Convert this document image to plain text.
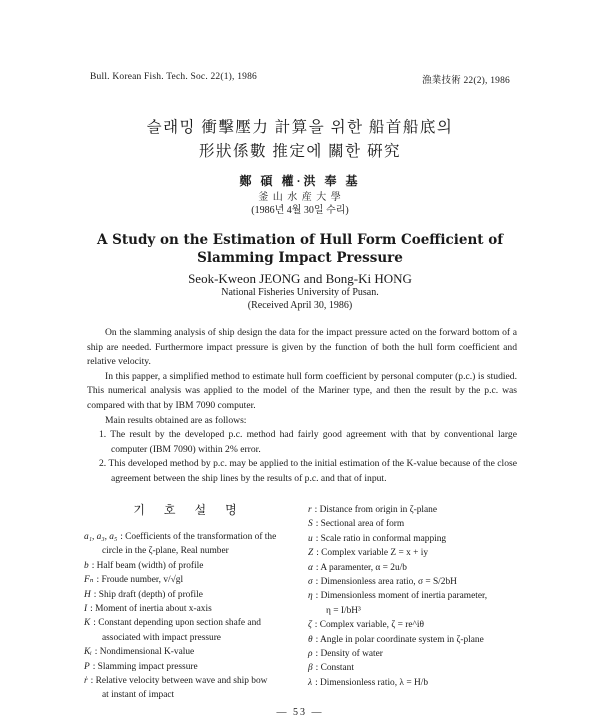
Bull. Korean Fish. Tech. Soc. 22(1), 1986	漁業技術 22(2), 1986
슬래밍 衝擊壓力 計算을 위한 船首船底의
形狀係數 推定에 關한 硏究
鄭 碩 權·洪 奉 基
釜 山 水 産 大 學
(1986년 4월 30일 수리)
A Study on the Estimation of Hull Form Coefficient of
Slamming Impact Pressure
Seok-Kweon JEONG and Bong-Ki HONG
National Fisheries University of Pusan.
(Received April 30, 1986)

On the slamming analysis of ship design the data for the impact pressure acted on the forward bottom of a ship are needed. Furthermore impact pressure is given by the function of both the hull form coefficient and relative velocity.

In this papper, a simplified method to estimate hull form coefficient by personal computer (p.c.) is studied. This numerical analysis was applied to the model of the Mariner type, and then the result by the p.c. was compared with that by IBM 7090 computer.

Main results obtained are as follows:

1. The result by the developed p.c. method had fairly good agreement with that by conventional large computer (IBM 7090) within 2% error.

2. This developed method by p.c. may be applied to the initial estimation of the K-value because of the close agreement between the ship lines by the results of p.c. and that of input.

기 호 설 명
a₁, a₃, a₅ : Coefficients of the transformation of the
circle in the ζ-plane, Real number
b : Half beam (width) of profile
Fₙ : Froude number, v/√gl
H : Ship draft (depth) of profile
I : Moment of inertia about x-axis
K : Constant depending upon section shafe and
associated with impact pressure
Kᵢ : Nondimensional K-value
P : Slamming impact pressure
ṙ : Relative velocity between wave and ship bow
at instant of impact
r : Distance from origin in ζ-plane
S : Sectional area of form
u : Scale ratio in conformal mapping
Z : Complex variable Z = x + iy
α : A paramenter, α = 2u/b
σ : Dimensionless area ratio, σ = S/2bH
η : Dimensionless moment of inertia parameter,
η = I/bH³
ζ : Complex variable, ζ = re^iθ
θ : Angle in polar coordinate system in ζ-plane
ρ : Density of water
β : Constant
λ : Dimensionless ratio, λ = H/b
— 53 —
